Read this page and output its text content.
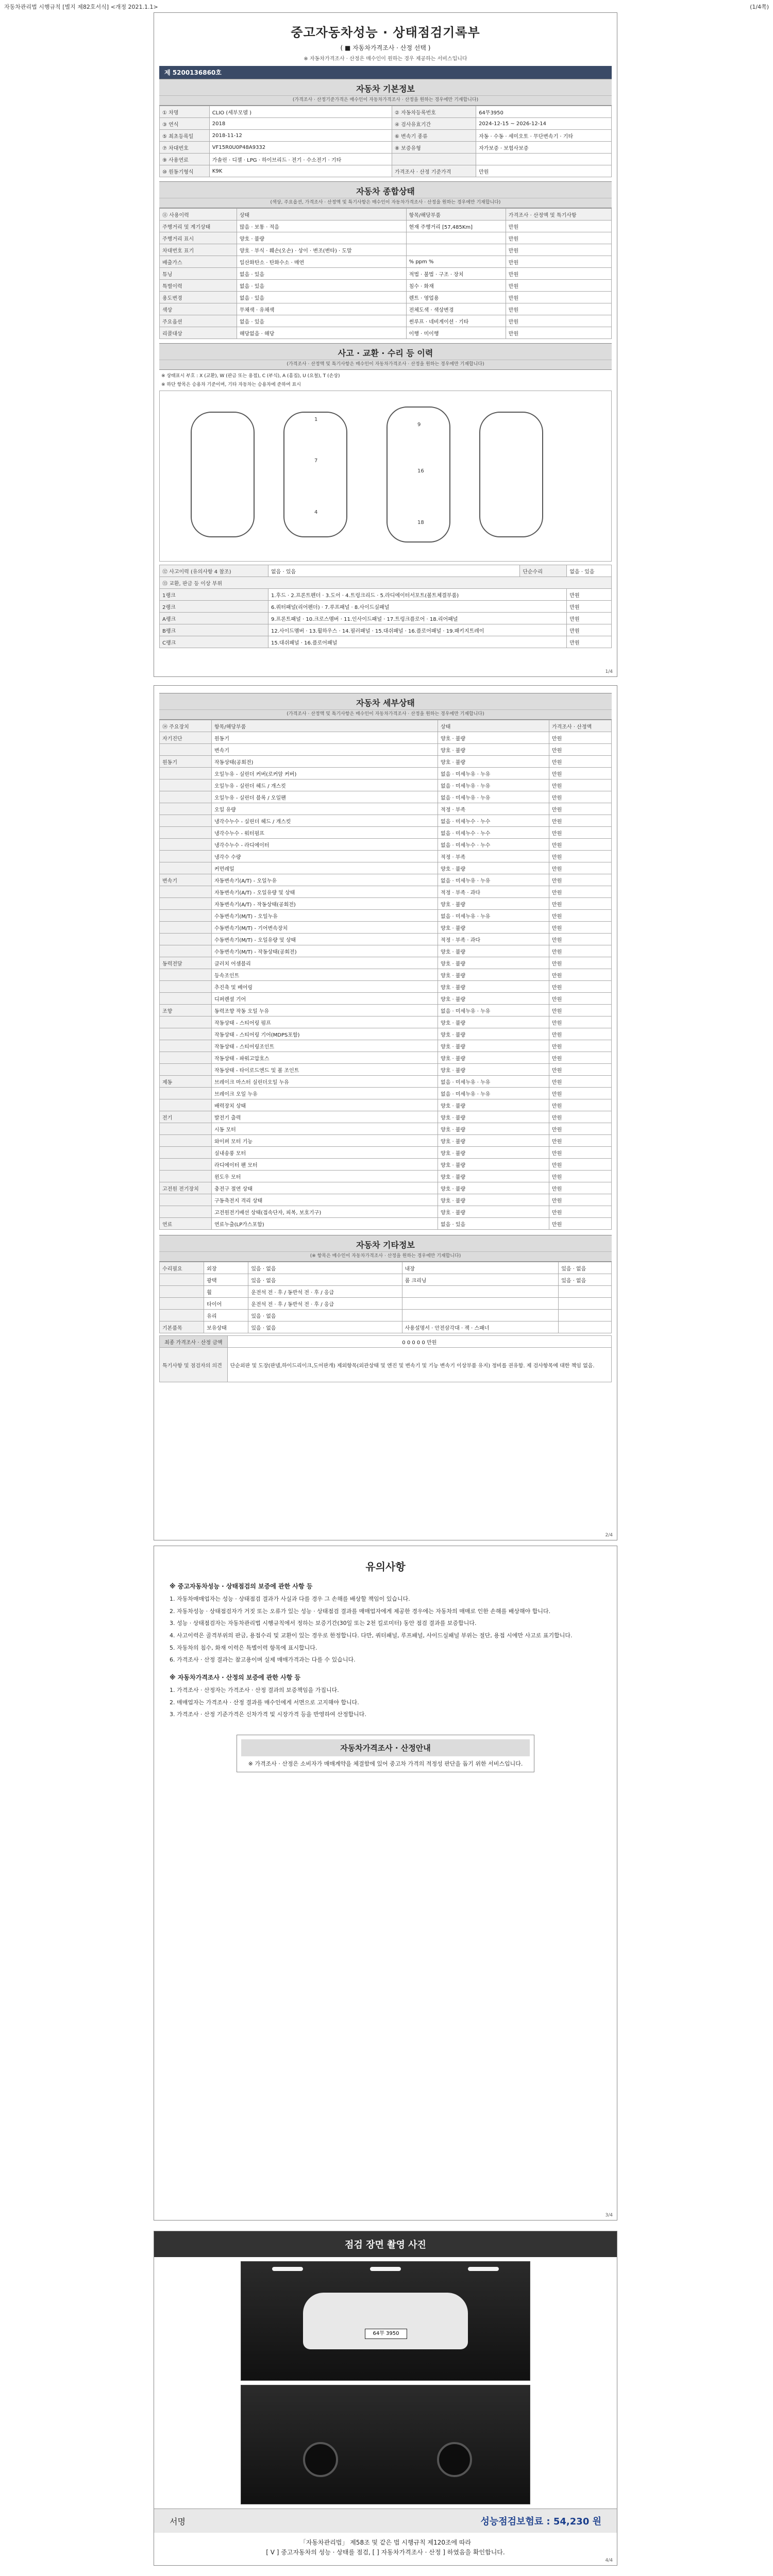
자동차관리법 시행규칙 [별지 제82호서식] <개정 2021.1.1>	(1/4쪽)
중고자동차성능 · 상태점검기록부
( ■ 자동차가격조사 · 산정 선택 )
※ 자동차가격조사 · 산정은 매수인이 원하는 경우 제공하는 서비스입니다
제 5200136860호
자동차 기본정보
(가격조사 · 산정기준가격은 매수인이 자동차가격조사 · 산정을 원하는 경우에만 기재합니다)
① 차명	CLIO (세부모델 )	② 자동차등록번호	64무3950
③ 연식	2018	④ 검사유효기간	2024-12-15 ~ 2026-12-14
⑤ 최초등록일	2018-11-12	⑥ 변속기 종류	자동 · 수동 · 세미오토 · 무단변속기 · 기타
⑦ 차대번호	VF15R0U0P48A9332	⑧ 보증유형	자가보증 · 보험사보증
⑨ 사용연료	가솔린 · 디젤 · LPG · 하이브리드 · 전기 · 수소전기 · 기타		
⑩ 원동기형식	K9K	가격조사 · 산정 기준가격	만원
자동차 종합상태
(색상, 주요옵션, 가격조사 · 산정액 및 특기사항은 매수인이 자동차가격조사 · 산정을 원하는 경우에만 기재합니다)
⑪ 사용이력	상태	항목/해당부품	가격조사 · 산정액 및 특기사항
주행거리 및 계기상태	많음 · 보통 · 적음	현재 주행거리 [57,485Km]	만원
주행거리 표시	양호 · 불량		만원
차대번호 표기	양호 · 부식 · 훼손(오손) · 상이 · 변조(변타) · 도말		만원
배출가스	일산화탄소 · 탄화수소 · 매연	% ppm %	만원
튜닝	없음 · 있음	적법 · 불법 · 구조 · 장치	만원
특별이력	없음 · 있음	침수 · 화재	만원
용도변경	없음 · 있음	렌트 · 영업용	만원
색상	무채색 · 유채색	전체도색 · 색상변경	만원
주요옵션	없음 · 있음	썬루프 · 네비게이션 · 기타	만원
리콜대상	해당없음 · 해당	이행 · 미이행	만원
사고 · 교환 · 수리 등 이력
(가격조사 · 산정액 및 특기사항은 매수인이 자동차가격조사 · 산정을 원하는 경우에만 기재합니다)
※ 상태표시 부호 : X (교환), W (판금 또는 용접), C (부식), A (흠집), U (요철), T (손상)
※ 하단 항목은 승용차 기준이며, 기타 자동차는 승용차에 준하여 표시
1
7
4
9
16
18
⑫ 사고이력 (유의사항 4 참조)	없음 · 있음	단순수리	없음 · 있음
⑬ 교환, 판금 등 이상 부위			
1랭크	1.후드 · 2.프론트펜더 · 3.도어 · 4.트렁크리드 · 5.라디에이터서포트(볼트체결부품)		만원
2랭크	6.쿼터패널(리어펜더) · 7.루프패널 · 8.사이드실패널		만원
A랭크	9.프론트패널 · 10.크로스멤버 · 11.인사이드패널 · 17.트렁크플로어 · 18.리어패널		만원
B랭크	12.사이드멤버 · 13.휠하우스 · 14.필러패널 · 15.대쉬패널 · 16.플로어패널 · 19.패키지트레이		만원
C랭크	15.대쉬패널 · 16.플로어패널		만원
1/4
자동차 세부상태
(가격조사 · 산정액 및 특기사항은 매수인이 자동차가격조사 · 산정을 원하는 경우에만 기재합니다)
⑭ 주요장치	항목/해당부품	상태	가격조사 · 산정액
자기진단	원동기	양호 · 불량	만원
	변속기	양호 · 불량	만원
원동기	작동상태(공회전)	양호 · 불량	만원
	오일누유 - 실린더 커버(로커암 커버)	없음 · 미세누유 · 누유	만원
	오일누유 - 실린더 헤드 / 개스킷	없음 · 미세누유 · 누유	만원
	오일누유 - 실린더 블록 / 오일팬	없음 · 미세누유 · 누유	만원
	오일 유량	적정 · 부족	만원
	냉각수누수 - 실린더 헤드 / 개스킷	없음 · 미세누수 · 누수	만원
	냉각수누수 - 워터펌프	없음 · 미세누수 · 누수	만원
	냉각수누수 - 라디에이터	없음 · 미세누수 · 누수	만원
	냉각수 수량	적정 · 부족	만원
	커먼레일	양호 · 불량	만원
변속기	자동변속기(A/T) - 오일누유	없음 · 미세누유 · 누유	만원
	자동변속기(A/T) - 오일유량 및 상태	적정 · 부족 · 과다	만원
	자동변속기(A/T) - 작동상태(공회전)	양호 · 불량	만원
	수동변속기(M/T) - 오일누유	없음 · 미세누유 · 누유	만원
	수동변속기(M/T) - 기어변속장치	양호 · 불량	만원
	수동변속기(M/T) - 오일유량 및 상태	적정 · 부족 · 과다	만원
	수동변속기(M/T) - 작동상태(공회전)	양호 · 불량	만원
동력전달	클러치 어셈블리	양호 · 불량	만원
	등속조인트	양호 · 불량	만원
	추진축 및 베어링	양호 · 불량	만원
	디퍼렌셜 기어	양호 · 불량	만원
조향	동력조향 작동 오일 누유	없음 · 미세누유 · 누유	만원
	작동상태 - 스티어링 펌프	양호 · 불량	만원
	작동상태 - 스티어링 기어(MDPS포함)	양호 · 불량	만원
	작동상태 - 스티어링조인트	양호 · 불량	만원
	작동상태 - 파워고압호스	양호 · 불량	만원
	작동상태 - 타이로드엔드 및 볼 조인트	양호 · 불량	만원
제동	브레이크 마스터 실린더오일 누유	없음 · 미세누유 · 누유	만원
	브레이크 오일 누유	없음 · 미세누유 · 누유	만원
	배력장치 상태	양호 · 불량	만원
전기	발전기 출력	양호 · 불량	만원
	시동 모터	양호 · 불량	만원
	와이퍼 모터 기능	양호 · 불량	만원
	실내송풍 모터	양호 · 불량	만원
	라디에이터 팬 모터	양호 · 불량	만원
	윈도우 모터	양호 · 불량	만원
고전원 전기장치	충전구 절연 상태	양호 · 불량	만원
	구동축전지 격리 상태	양호 · 불량	만원
	고전원전기배선 상태(접속단자, 피복, 보호기구)	양호 · 불량	만원
연료	연료누출(LP가스포함)	없음 · 있음	만원
자동차 기타정보
(※ 항목은 매수인이 자동차가격조사 · 산정을 원하는 경우에만 기재합니다)
수리필요	외장	있음 · 없음	내장	있음 · 없음
	광택	있음 · 없음	룸 크리닝	있음 · 없음
	휠	운전석 전 · 후 / 동반석 전 · 후 / 응급		
	타이어	운전석 전 · 후 / 동반석 전 · 후 / 응급		
	유리	있음 · 없음		
기본품목	보유상태	있음 · 없음	사용설명서 · 안전삼각대 · 잭 · 스패너	
최종 가격조사 · 산정 금액	0 0 0 0 0 만원
특기사항 및 점검자의 의견	단순외판 및 도장(판넬,하이드리이크,도어판개) 제외항목(외관상태 및 엔진 및 변속기 및 기능 변속기 이상부품 유지) 정비를 권유함. 제 검사항목에 대한 책임 없음.
2/4
유의사항
※ 중고자동차성능 · 상태점검의 보증에 관한 사항 등

1. 자동차매매업자는 성능 · 상태점검 결과가 사실과 다를 경우 그 손해를 배상할 책임이 있습니다.

2. 자동차성능 · 상태점검자가 거짓 또는 오류가 있는 성능 · 상태점검 결과를 매매업자에게 제공한 경우에는 자동차의 매매로 인한 손해를 배상해야 합니다.

3. 성능 · 상태점검자는 자동차관리법 시행규칙에서 정하는 보증기간(30일 또는 2천 킬로미터) 동안 점검 결과를 보증합니다.

4. 사고이력은 골격부위의 판금, 용접수리 및 교환이 있는 경우로 한정합니다. 다만, 쿼터패널, 루프패널, 사이드실패널 부위는 절단, 용접 시에만 사고로 표기합니다.

5. 자동차의 침수, 화재 이력은 특별이력 항목에 표시합니다.

6. 가격조사 · 산정 결과는 참고용이며 실제 매매가격과는 다를 수 있습니다.

※ 자동차가격조사 · 산정의 보증에 관한 사항 등

1. 가격조사 · 산정자는 가격조사 · 산정 결과의 보증책임을 가집니다.

2. 매매업자는 가격조사 · 산정 결과를 매수인에게 서면으로 고지해야 합니다.

3. 가격조사 · 산정 기준가격은 신차가격 및 시장가격 등을 반영하여 산정합니다.

자동차가격조사 · 산정안내
※ 가격조사 · 산정은 소비자가 매매계약을 체결함에 있어 중고차 가격의 적정성 판단을 돕기 위한 서비스입니다.
3/4
점검 장면 촬영 사진
64무 3950
서명	성능점검보험료 : 54,230 원
「자동차관리법」 제58조 및 같은 법 시행규칙 제120조에 따라
[ V ] 중고자동차의 성능 · 상태를 점검, [ ] 자동차가격조사 · 산정 ] 하였음을 확인합니다.
4/4
